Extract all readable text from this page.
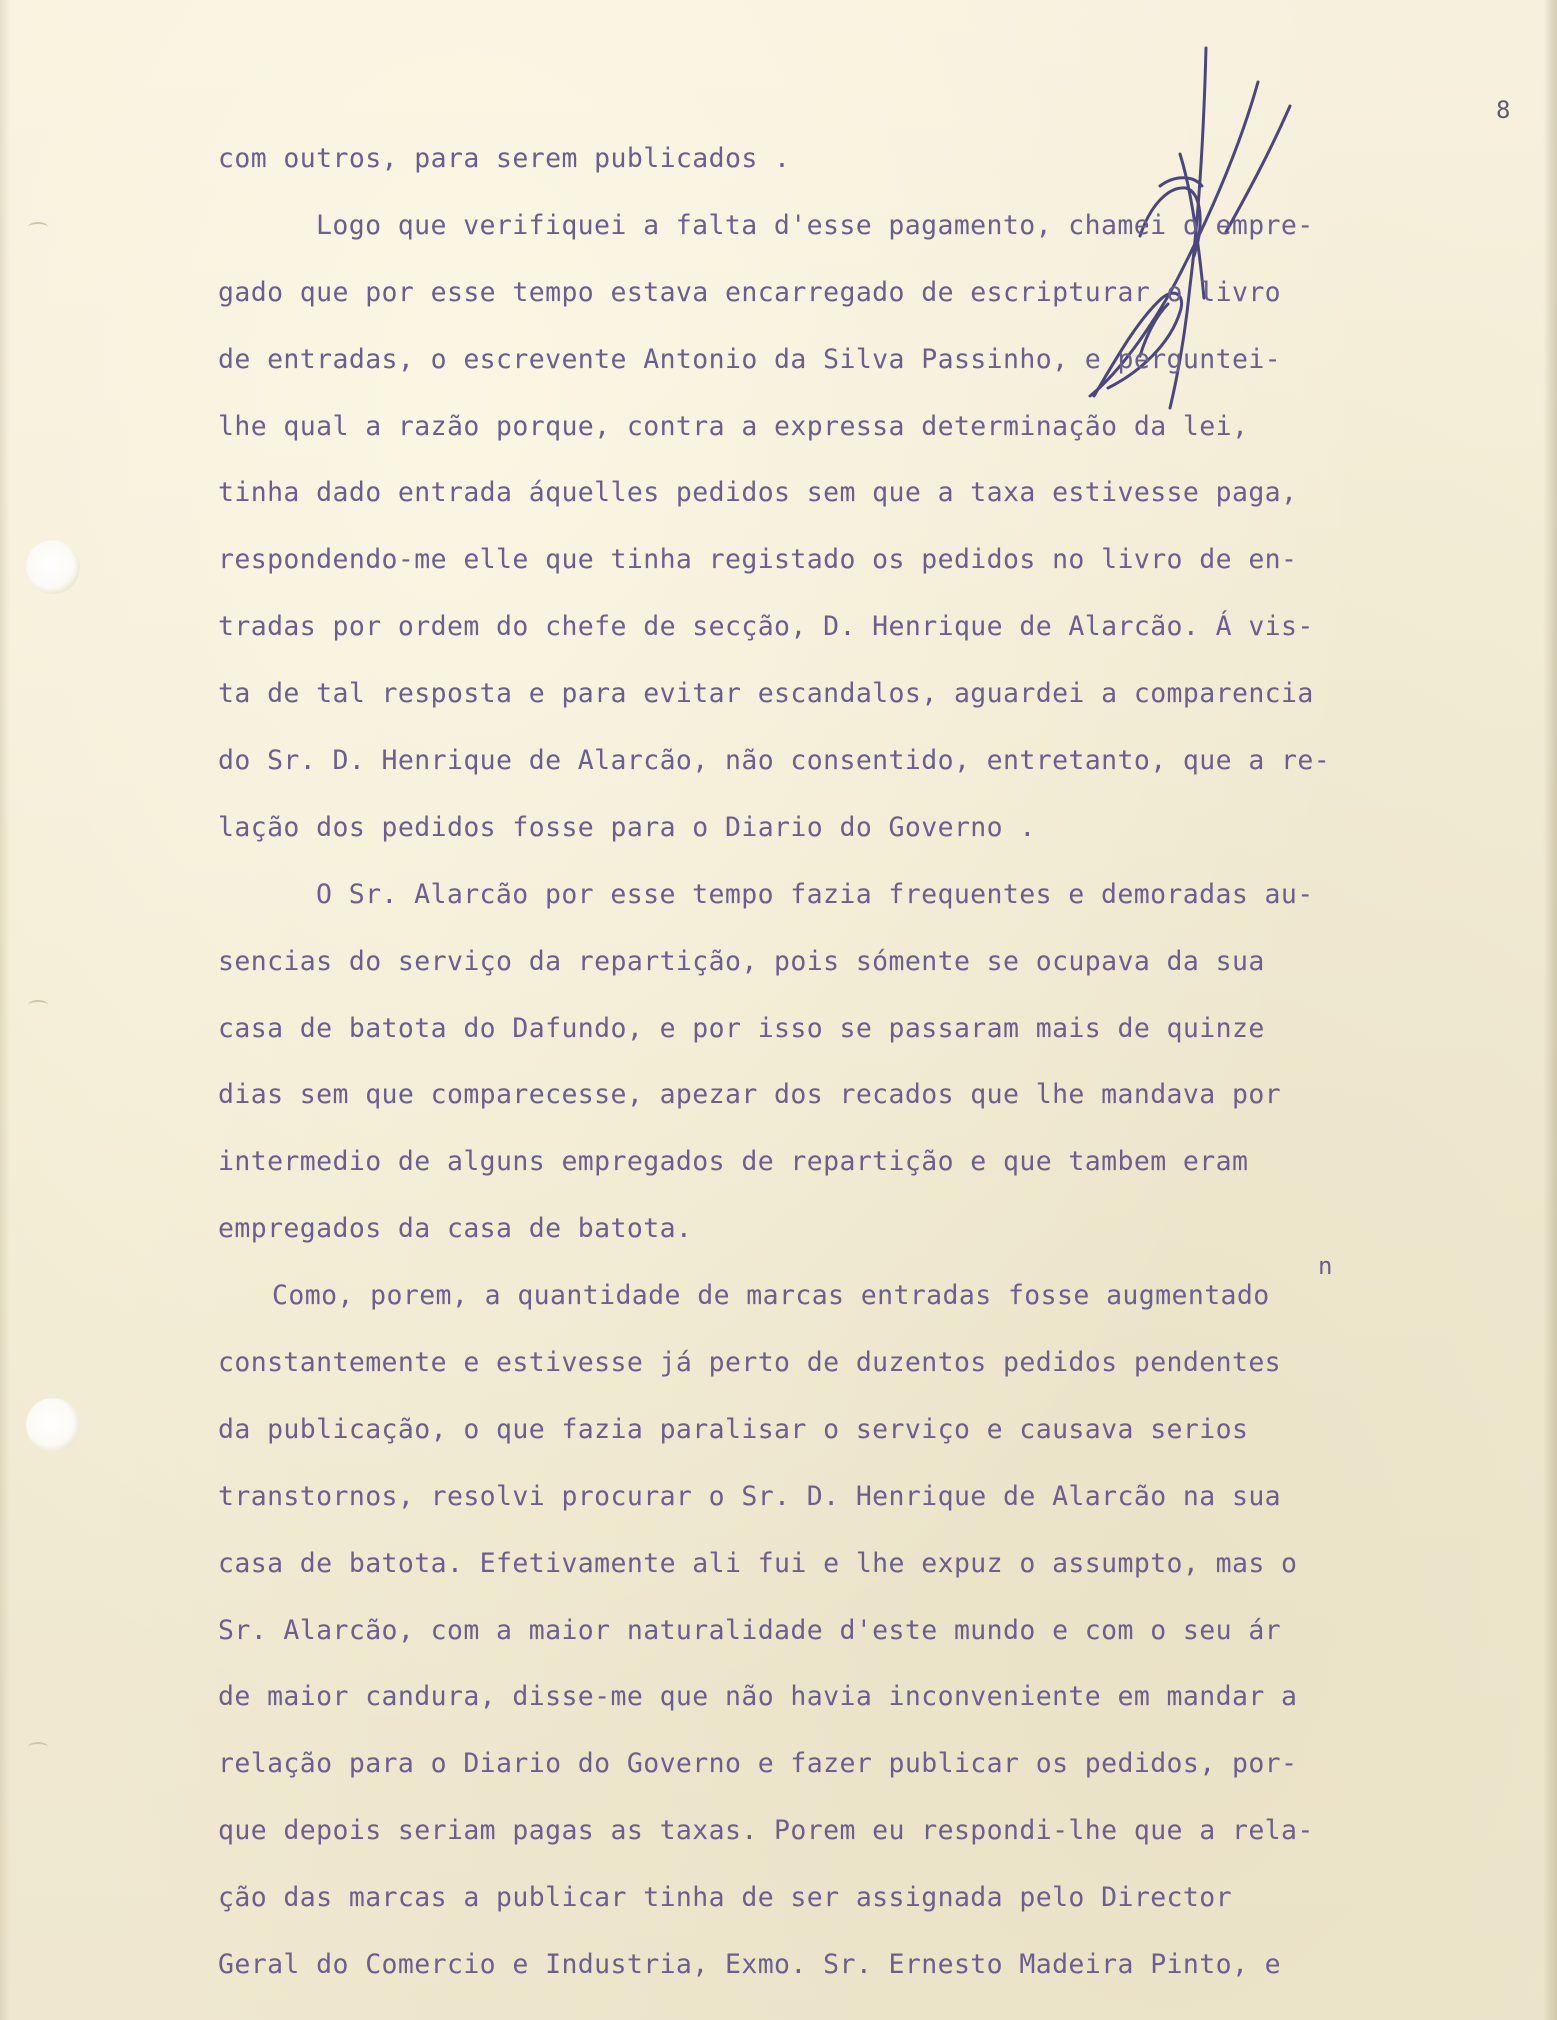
8
n
com outros, para serem publicados .
Logo que verifiquei a falta d'esse pagamento, chamei o empre-
gado que por esse tempo estava encarregado de escripturar o livro
de entradas, o escrevente Antonio da Silva Passinho, e perguntei-
lhe qual a razão porque, contra a expressa determinação da lei,
tinha dado entrada áquelles pedidos sem que a taxa estivesse paga,
respondendo-me elle que tinha registado os pedidos no livro de en-
tradas por ordem do chefe de secção, D. Henrique de Alarcão. Á vis-
ta de tal resposta e para evitar escandalos, aguardei a comparencia
do Sr. D. Henrique de Alarcão, não consentido, entretanto, que a re-
lação dos pedidos fosse para o Diario do Governo .
O Sr. Alarcão por esse tempo fazia frequentes e demoradas au-
sencias do serviço da repartição, pois sómente se ocupava da sua
casa de batota do Dafundo, e por isso se passaram mais de quinze
dias sem que comparecesse, apezar dos recados que lhe mandava por
intermedio de alguns empregados de repartição e que tambem eram
empregados da casa de batota.
Como, porem, a quantidade de marcas entradas fosse augmentado
constantemente e estivesse já perto de duzentos pedidos pendentes
da publicação, o que fazia paralisar o serviço e causava serios
transtornos, resolvi procurar o Sr. D. Henrique de Alarcão na sua
casa de batota. Efetivamente ali fui e lhe expuz o assumpto, mas o
Sr. Alarcão, com a maior naturalidade d'este mundo e com o seu ár
de maior candura, disse-me que não havia inconveniente em mandar a
relação para o Diario do Governo e fazer publicar os pedidos, por-
que depois seriam pagas as taxas. Porem eu respondi-lhe que a rela-
ção das marcas a publicar tinha de ser assignada pelo Director
Geral do Comercio e Industria, Exmo. Sr. Ernesto Madeira Pinto, e
